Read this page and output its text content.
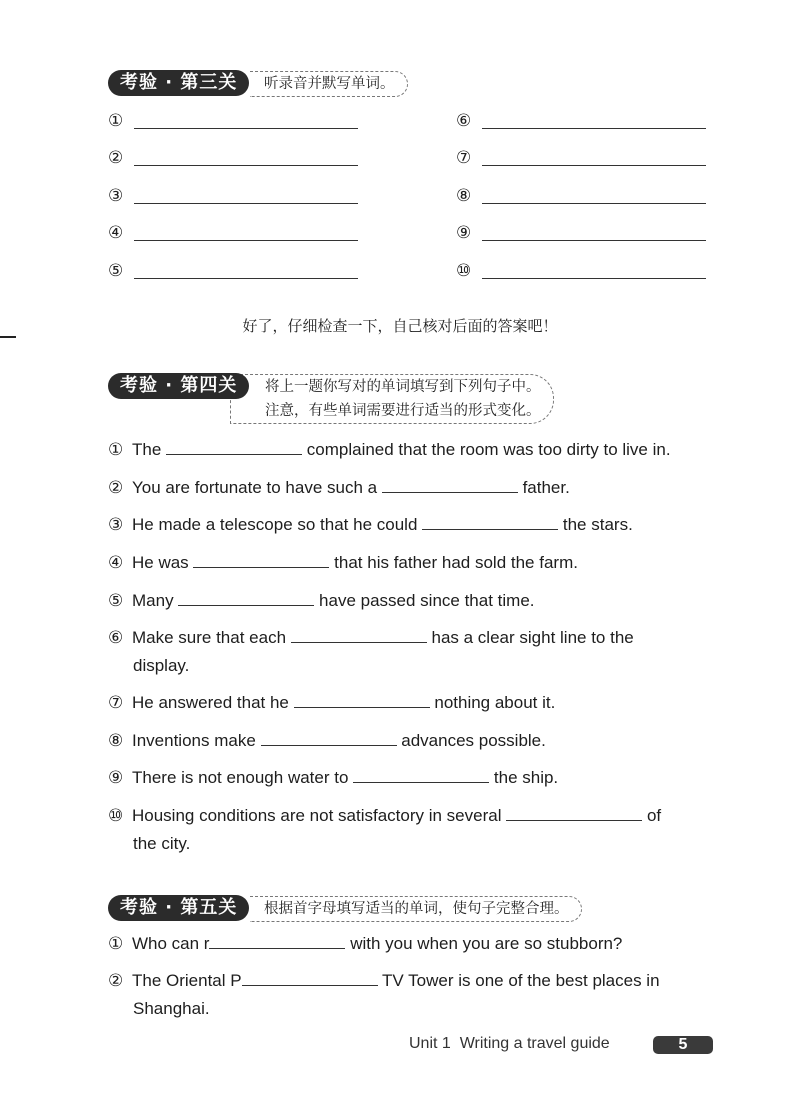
考验 · 第三关	听录音并默写单词。
①
②
③
④
⑤
⑥
⑦
⑧
⑨
⑩
好了，仔细检查一下，自己核对后面的答案吧！
考验 · 第四关	将上一题你写对的单词填写到下列句子中。
注意，有些单词需要进行适当的形式变化。
① The	complained that the room was too dirty to live in.
② You are fortunate to have such a	father.
③ He made a telescope so that he could	the stars.
④ He was	that his father had sold the farm.
⑤ Many	have passed since that time.
⑥ Make sure that each	has a clear sight line to the
display.
⑦ He answered that he	nothing about it.
⑧ Inventions make	advances possible.
⑨ There is not enough water to	the ship.
⑩ Housing conditions are not satisfactory in several	of
the city.
考验 · 第五关	根据首字母填写适当的单词，使句子完整合理。
① Who can r	with you when you are so stubborn?
② The Oriental P	TV Tower is one of the best places in
Shanghai.
Unit 1  Writing a travel guide	5
